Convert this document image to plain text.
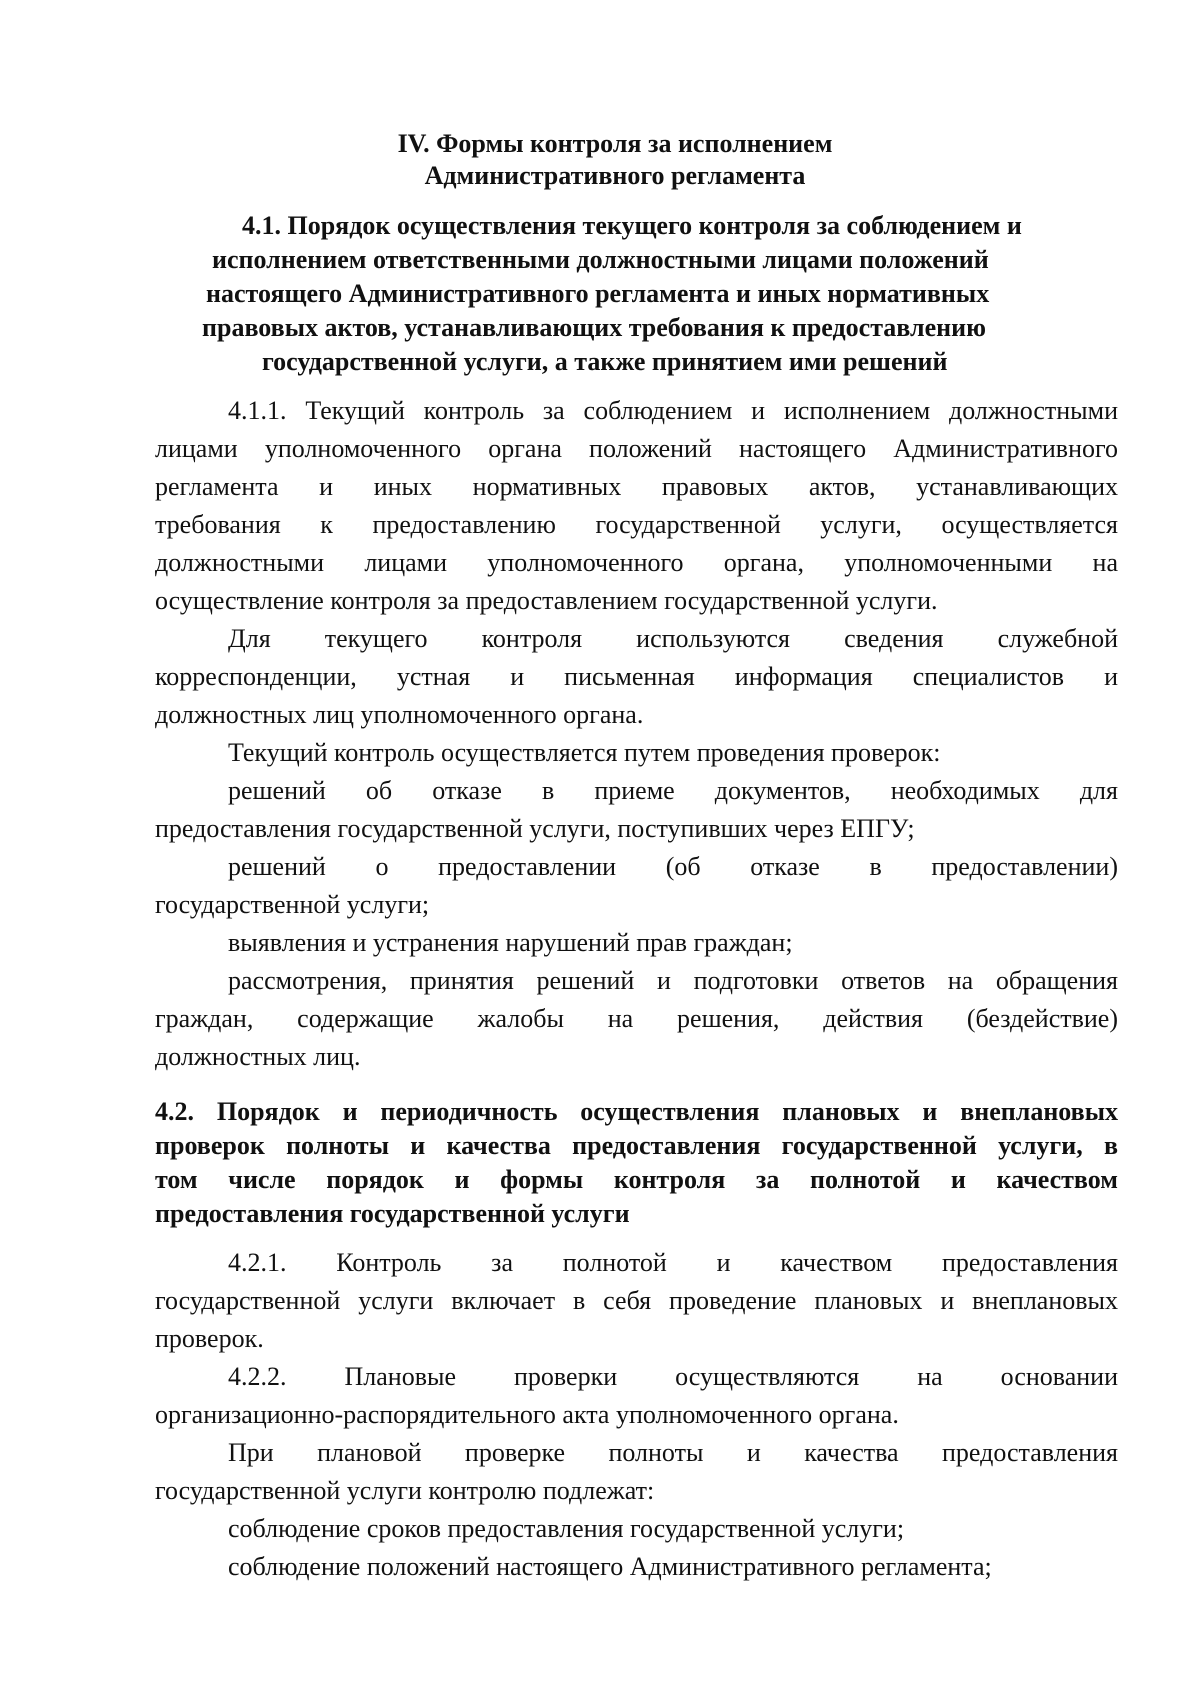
IV. Формы контроля за исполнением
Административного регламента
4.1. Порядок осуществления текущего контроля за соблюдением и
исполнением ответственными должностными лицами положений
настоящего Административного регламента и иных нормативных
правовых актов, устанавливающих требования к предоставлению
государственной услуги, а также принятием ими решений
4.1.1. Текущий контроль за соблюдением и исполнением должностными
лицами уполномоченного органа положений настоящего Административного
регламента и иных нормативных правовых актов, устанавливающих
требования к предоставлению государственной услуги, осуществляется
должностными лицами уполномоченного органа, уполномоченными на
осуществление контроля за предоставлением государственной услуги.
Для текущего контроля используются сведения служебной
корреспонденции, устная и письменная информация специалистов и
должностных лиц уполномоченного органа.
Текущий контроль осуществляется путем проведения проверок:
решений об отказе в приеме документов, необходимых для
предоставления государственной услуги, поступивших через ЕПГУ;
решений о предоставлении (об отказе в предоставлении)
государственной услуги;
выявления и устранения нарушений прав граждан;
рассмотрения, принятия решений и подготовки ответов на обращения
граждан, содержащие жалобы на решения, действия (бездействие)
должностных лиц.
4.2. Порядок и периодичность осуществления плановых и внеплановых
проверок полноты и качества предоставления государственной услуги, в
том числе порядок и формы контроля за полнотой и качеством
предоставления государственной услуги
4.2.1. Контроль за полнотой и качеством предоставления
государственной услуги включает в себя проведение плановых и внеплановых
проверок.
4.2.2. Плановые проверки осуществляются на основании
организационно-распорядительного акта уполномоченного органа.
При плановой проверке полноты и качества предоставления
государственной услуги контролю подлежат:
соблюдение сроков предоставления государственной услуги;
соблюдение положений настоящего Административного регламента;
